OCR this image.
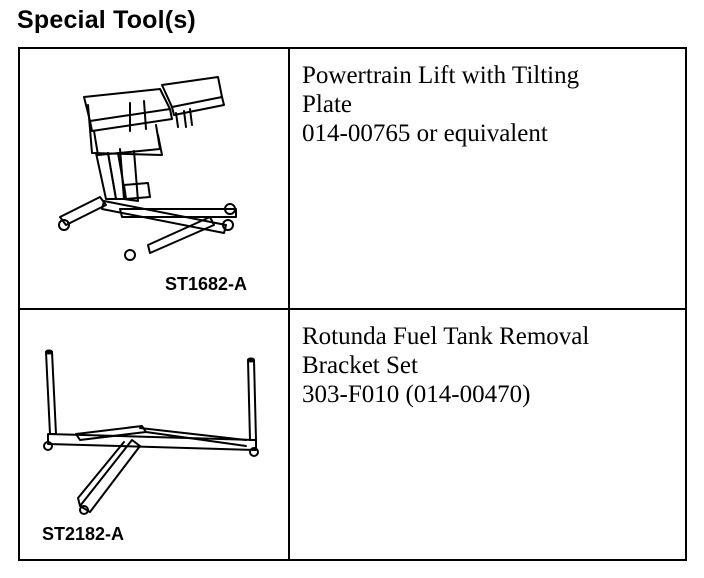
Special Tool(s)
ST1682-A
Powertrain Lift with Tilting
Plate
014-00765 or equivalent
ST2182-A
Rotunda Fuel Tank Removal
Bracket Set
303-F010 (014-00470)
